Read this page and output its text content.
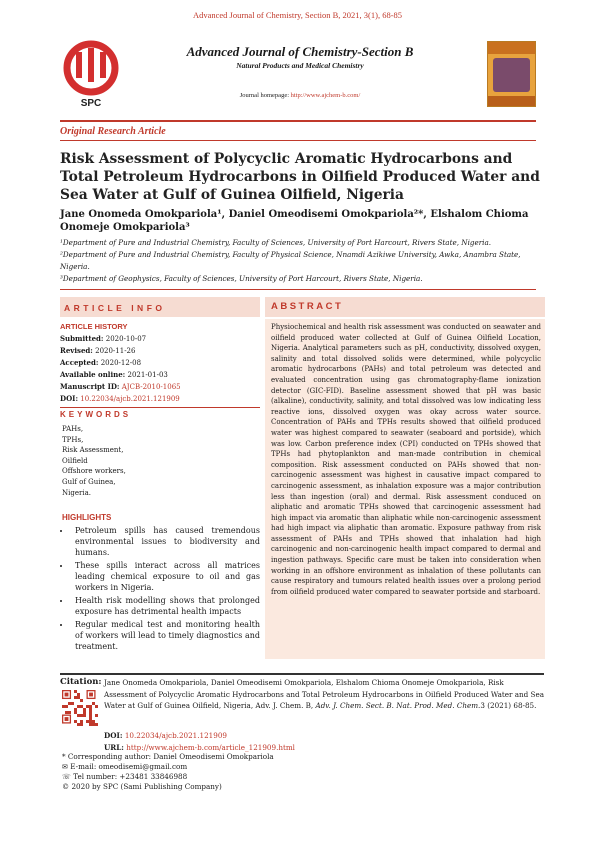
Advanced Journal of Chemistry, Section B, 2021, 3(1), 68-85
SPC
Advanced Journal of Chemistry-Section B
Natural Products and Medical Chemistry
Journal homepage: http://www.ajchem-b.com/
Original Research Article
Risk Assessment of Polycyclic Aromatic Hydrocarbons and Total Petroleum Hydrocarbons in Oilfield Produced Water and Sea Water at Gulf of Guinea Oilfield, Nigeria
Jane Onomeda Omokpariola¹, Daniel Omeodisemi Omokpariola²*, Elshalom Chioma Onomeje Omokpariola³
¹Department of Pure and Industrial Chemistry, Faculty of Sciences, University of Port Harcourt, Rivers State, Nigeria.
²Department of Pure and Industrial Chemistry, Faculty of Physical Science, Nnamdi Azikiwe University, Awka, Anambra State, Nigeria.
³Department of Geophysics, Faculty of Sciences, University of Port Harcourt, Rivers State, Nigeria.
ARTICLE INFO	ABSTRACT
Physiochemical and health risk assessment was conducted on seawater and oilfield produced water collected at Gulf of Guinea Oilfield Location, Nigeria. Analytical parameters such as pH, conductivity, dissolved oxygen, salinity and total dissolved solids were determined, while polycyclic aromatic hydrocarbons (PAHs) and total petroleum was detected and evaluated concentration using gas chromatography-flame ionization detector (GIC-FID). Baseline assessment showed that pH was basic (alkaline), conductivity, salinity, and total dissolved was low indicating less reactive ions, dissolved oxygen was okay across water source. Concentration of PAHs and TPHs results showed that oilfield produced water was highest compared to seawater (seaboard and portside), which was low. Carbon preference index (CPI) conducted on TPHs showed that TPHs had phytoplankton and man-made contribution in chemical composition. Risk assessment conducted on PAHs showed that non-carcinogenic assessment was highest in causative impact compared to carcinogenic assessment, as inhalation exposure was a major contribution less than ingestion (oral) and dermal. Risk assessment conduced on aliphatic and aromatic TPHs showed that carcinogenic assessment had high impact via aromatic than aliphatic while non-carcinogenic assessment had high impact via aliphatic than aromatic. Exposure pathway from risk assessment of PAHs and TPHs showed that inhalation had high carcinogenic and non-carcinogenic health impact compared to dermal and ingestion pathways. Specific care must be taken into consideration when working in an offshore environment as inhalation of these pollutants can cause respiratory and tumours related health issues over a prolong period from oilfield produced water compared to seawater portside and starboard.
ARTICLE HISTORY
Submitted: 2020-10-07
Revised: 2020-11-26
Accepted: 2020-12-08
Available online: 2021-01-03
Manuscript ID: AJCB-2010-1065
DOI: 10.22034/ajcb.2021.121909
KEYWORDS
PAHs,
TPHs,
Risk Assessment,
Oilfield
Offshore workers,
Gulf of Guinea,
Nigeria.
HIGHLIGHTS
• Petroleum spills has caused tremendous environmental issues to biodiversity and humans.
• These spills interact across all matrices leading chemical exposure to oil and gas workers in Nigeria.
• Health risk modelling shows that prolonged exposure has detrimental health impacts
• Regular medical test and monitoring health of workers will lead to timely diagnostics and treatment.
Citation: Jane Onomeda Omokpariola, Daniel Omeodisemi Omokpariola, Elshalom Chioma Onomeje Omokpariola, Risk Assessment of Polycyclic Aromatic Hydrocarbons and Total Petroleum Hydrocarbons in Oilfield Produced Water and Sea Water at Gulf of Guinea Oilfield, Nigeria, Adv. J. Chem. B, Adv. J. Chem. Sect. B. Nat. Prod. Med. Chem.3 (2021) 68-85.
DOI: 10.22034/ajcb.2021.121909
URL: http://www.ajchem-b.com/article_121909.html
* Corresponding author: Daniel Omeodisemi Omokpariola
✉ E-mail: omeodisemi@gmail.com
☏ Tel number: +23481 33846988
© 2020 by SPC (Sami Publishing Company)
